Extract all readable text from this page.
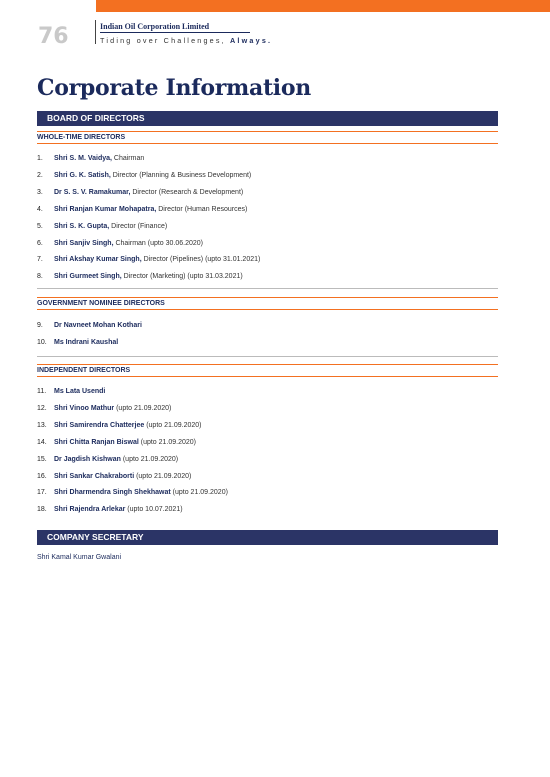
76	Indian Oil Corporation Limited
Tiding over Challenges, Always.
Corporate Information
BOARD OF DIRECTORS
WHOLE-TIME DIRECTORS
1. Shri S. M. Vaidya, Chairman
2. Shri G. K. Satish, Director (Planning & Business Development)
3. Dr S. S. V. Ramakumar, Director (Research & Development)
4. Shri Ranjan Kumar Mohapatra, Director (Human Resources)
5. Shri S. K. Gupta, Director (Finance)
6. Shri Sanjiv Singh, Chairman (upto 30.06.2020)
7. Shri Akshay Kumar Singh, Director (Pipelines) (upto 31.01.2021)
8. Shri Gurmeet Singh, Director (Marketing) (upto 31.03.2021)
GOVERNMENT NOMINEE DIRECTORS
9. Dr Navneet Mohan Kothari
10. Ms Indrani Kaushal
INDEPENDENT DIRECTORS
11. Ms Lata Usendi
12. Shri Vinoo Mathur (upto 21.09.2020)
13. Shri Samirendra Chatterjee (upto 21.09.2020)
14. Shri Chitta Ranjan Biswal (upto 21.09.2020)
15. Dr Jagdish Kishwan (upto 21.09.2020)
16. Shri Sankar Chakraborti (upto 21.09.2020)
17. Shri Dharmendra Singh Shekhawat (upto 21.09.2020)
18. Shri Rajendra Arlekar (upto 10.07.2021)
COMPANY SECRETARY
Shri Kamal Kumar Gwalani
